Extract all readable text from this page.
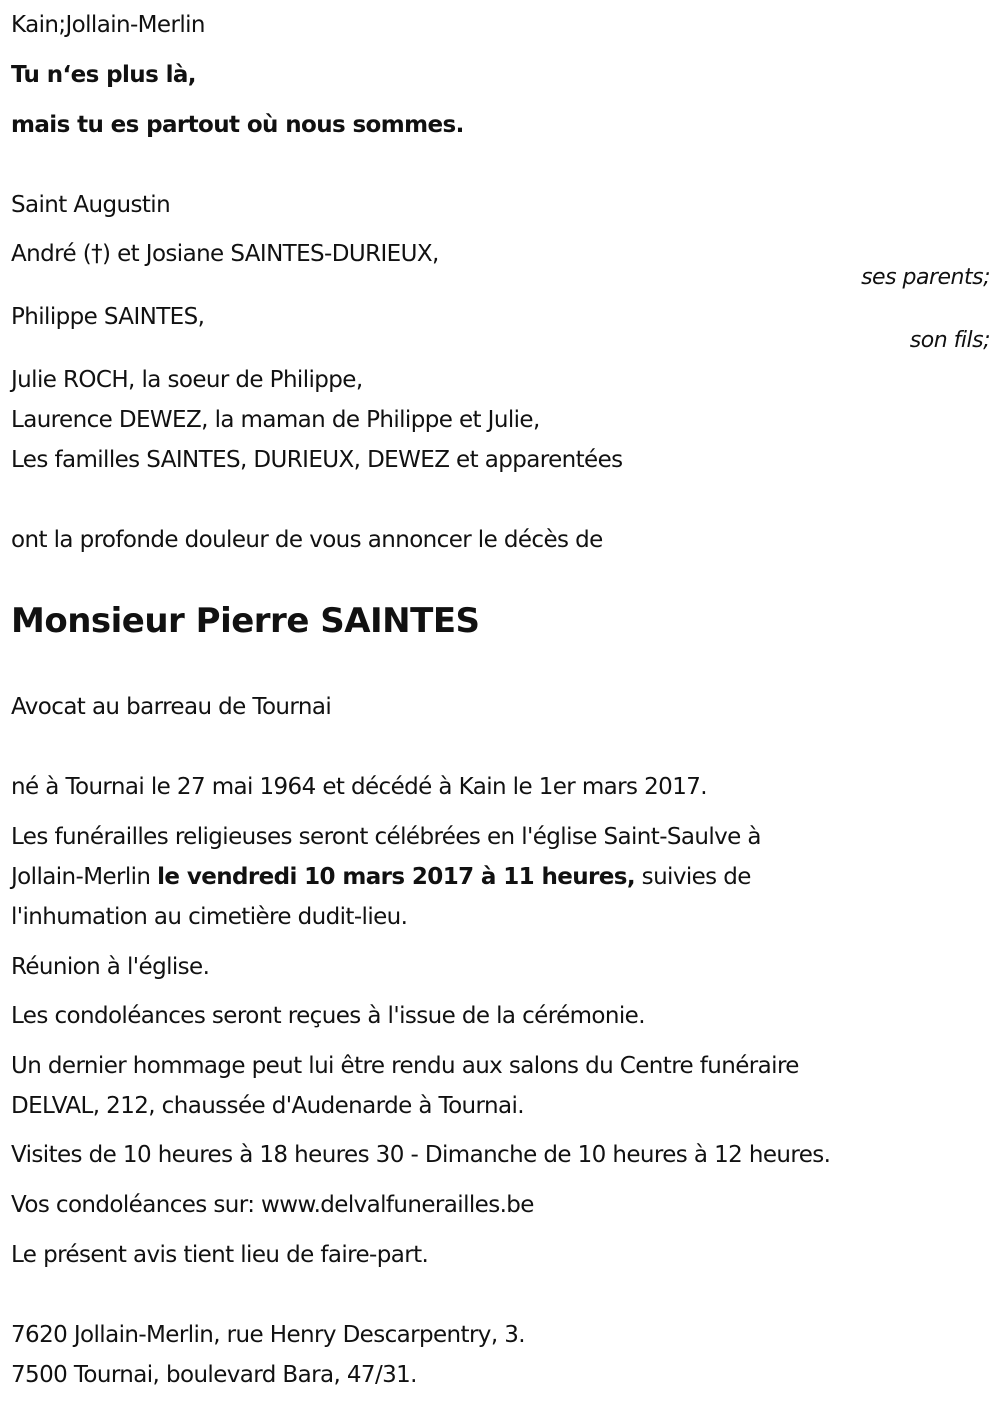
Kain;Jollain-Merlin
Tu n‘es plus là,
mais tu es partout où nous sommes.
Saint Augustin
André (†) et Josiane SAINTES-DURIEUX,
ses parents;
Philippe SAINTES,
son fils;
Julie ROCH, la soeur de Philippe,
Laurence DEWEZ, la maman de Philippe et Julie,
Les familles SAINTES, DURIEUX, DEWEZ et apparentées
ont la profonde douleur de vous annoncer le décès de
Monsieur Pierre SAINTES
Avocat au barreau de Tournai
né à Tournai le 27 mai 1964 et décédé à Kain le 1er mars 2017.
Les funérailles religieuses seront célébrées en l'église Saint-Saulve à
Jollain-Merlin le vendredi 10 mars 2017 à 11 heures, suivies de
l'inhumation au cimetière dudit-lieu.
Réunion à l'église.
Les condoléances seront reçues à l'issue de la cérémonie.
Un dernier hommage peut lui être rendu aux salons du Centre funéraire
DELVAL, 212, chaussée d'Audenarde à Tournai.
Visites de 10 heures à 18 heures 30 - Dimanche de 10 heures à 12 heures.
Vos condoléances sur: www.delvalfunerailles.be
Le présent avis tient lieu de faire-part.
7620 Jollain-Merlin, rue Henry Descarpentry, 3.
7500 Tournai, boulevard Bara, 47/31.
